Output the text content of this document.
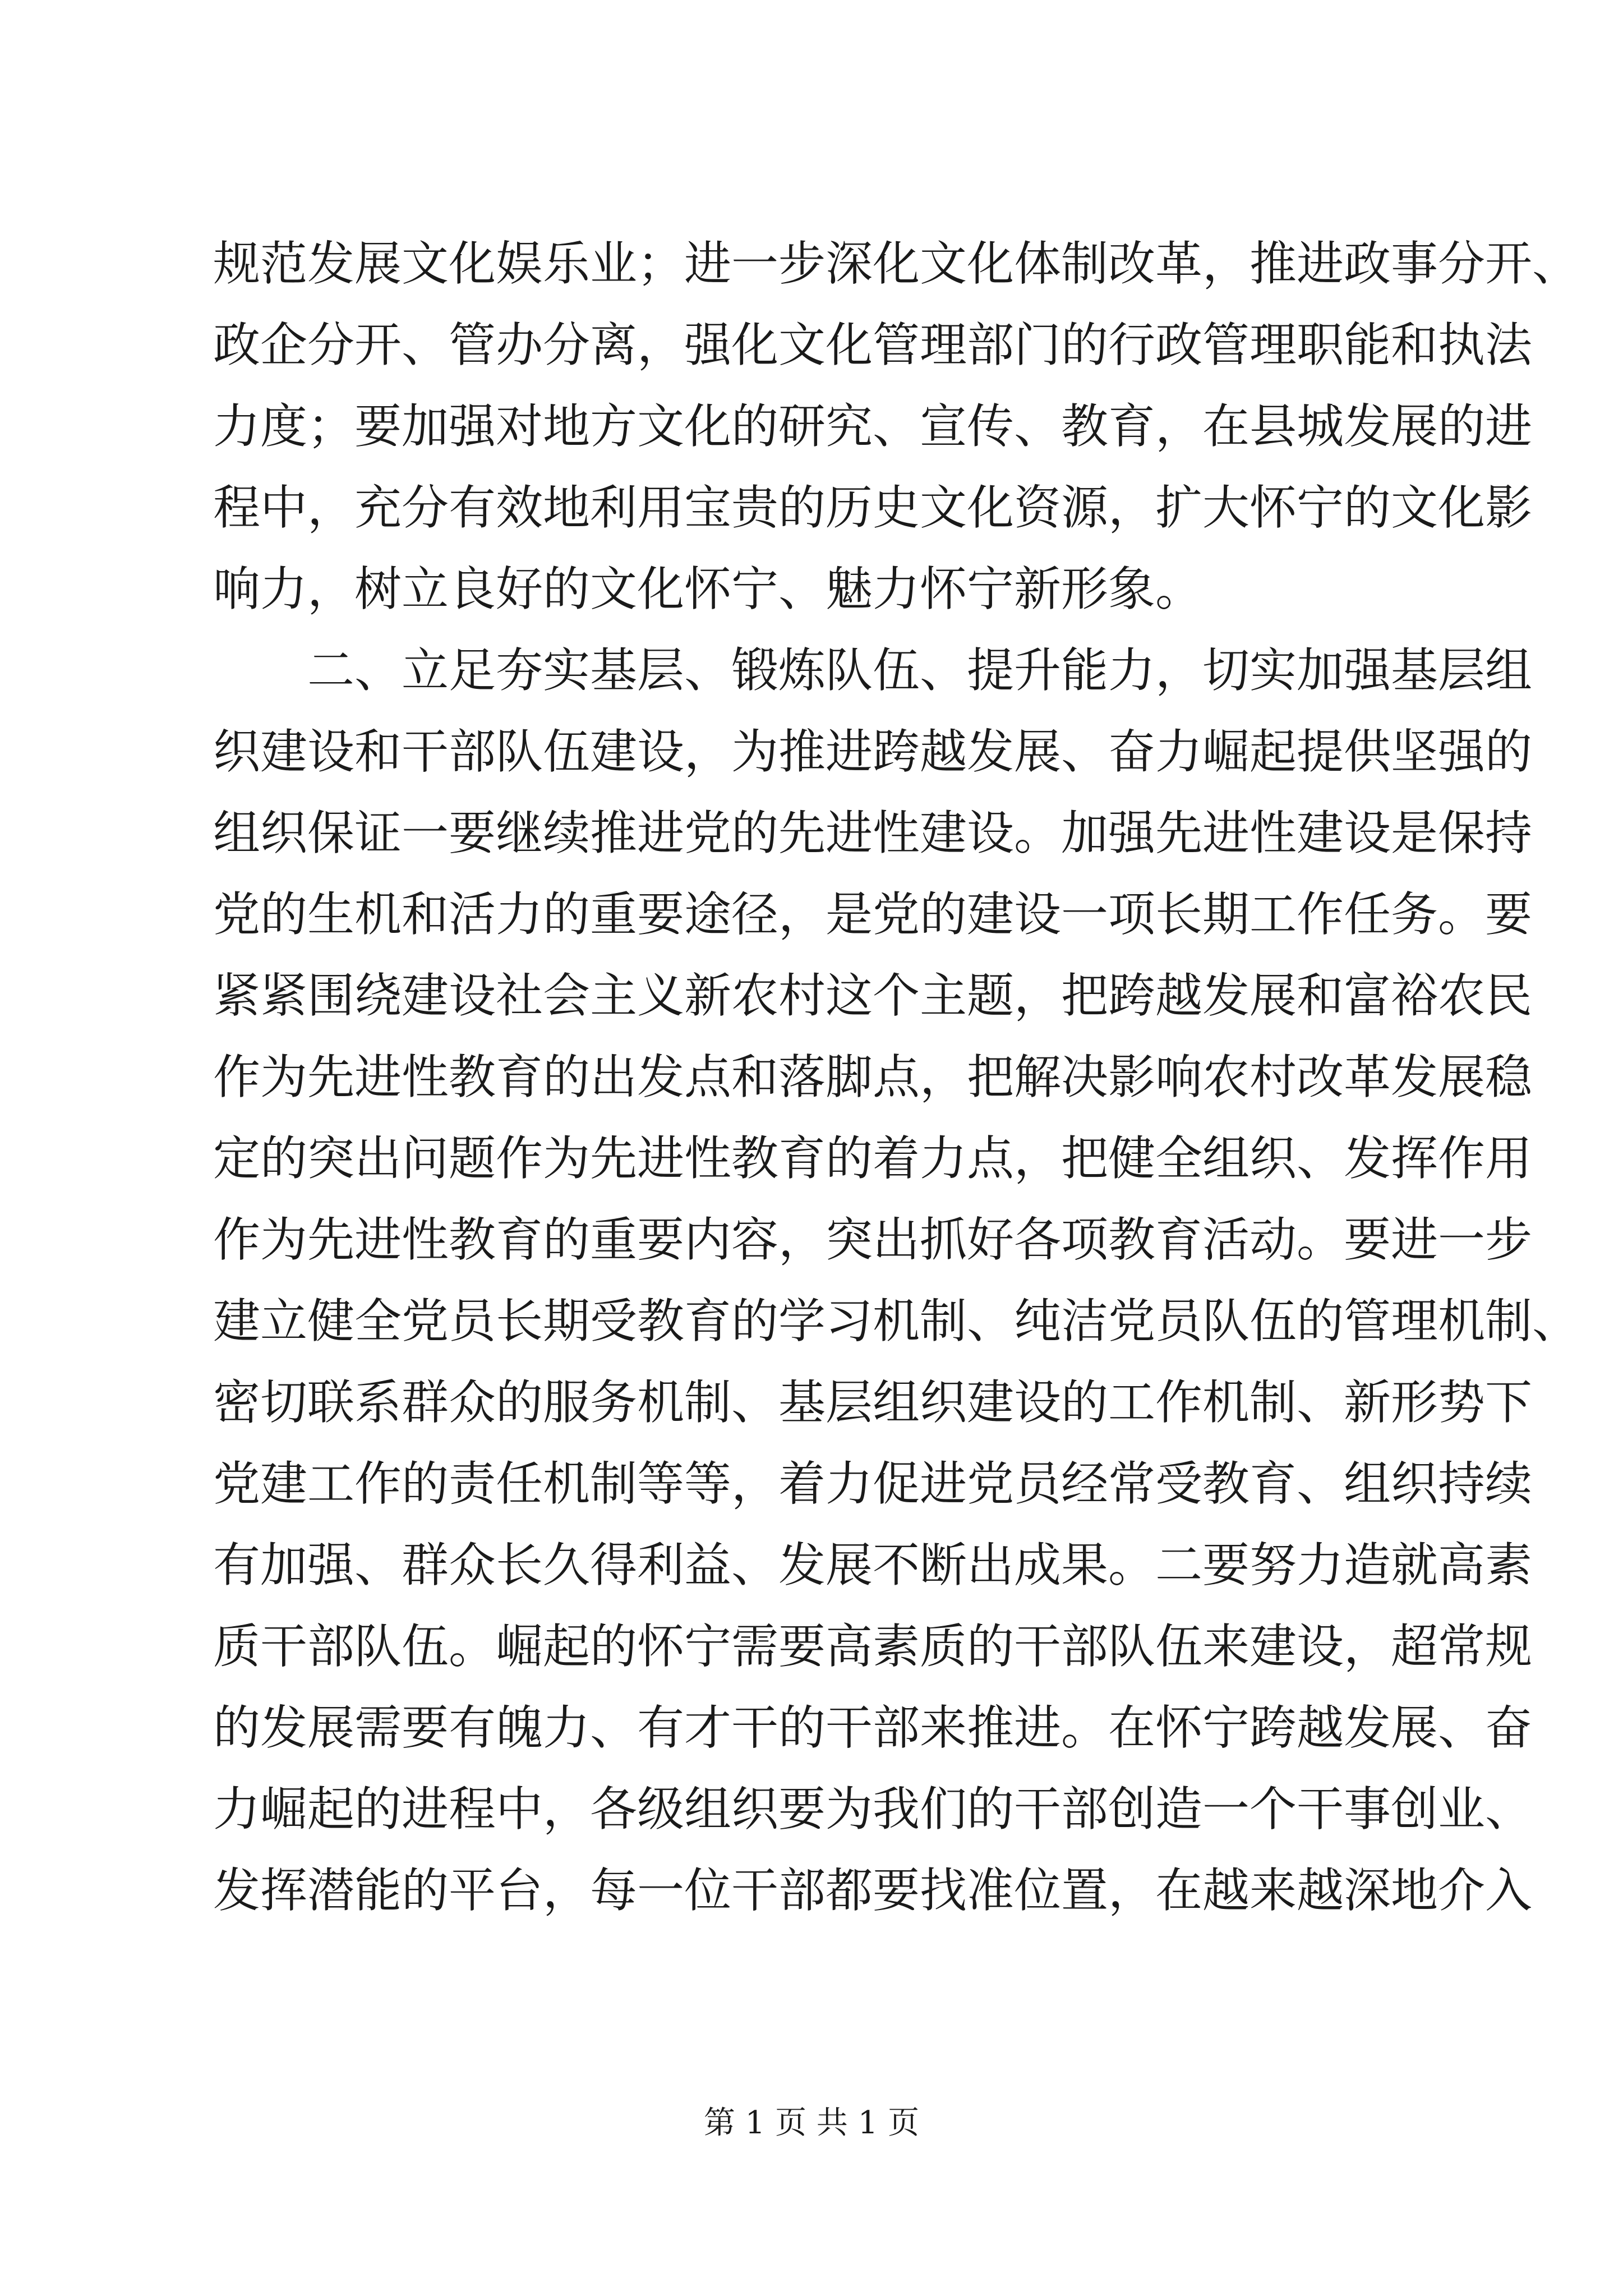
规范发展文化娱乐业；进一步深化文化体制改革，推进政事分开、
政企分开、管办分离，强化文化管理部门的行政管理职能和执法
力度；要加强对地方文化的研究、宣传、教育，在县城发展的进
程中，充分有效地利用宝贵的历史文化资源，扩大怀宁的文化影
响力，树立良好的文化怀宁、魅力怀宁新形象。
二、立足夯实基层、锻炼队伍、提升能力，切实加强基层组
织建设和干部队伍建设，为推进跨越发展、奋力崛起提供坚强的
组织保证一要继续推进党的先进性建设。加强先进性建设是保持
党的生机和活力的重要途径，是党的建设一项长期工作任务。要
紧紧围绕建设社会主义新农村这个主题，把跨越发展和富裕农民
作为先进性教育的出发点和落脚点，把解决影响农村改革发展稳
定的突出问题作为先进性教育的着力点，把健全组织、发挥作用
作为先进性教育的重要内容，突出抓好各项教育活动。要进一步
建立健全党员长期受教育的学习机制、纯洁党员队伍的管理机制、
密切联系群众的服务机制、基层组织建设的工作机制、新形势下
党建工作的责任机制等等，着力促进党员经常受教育、组织持续
有加强、群众长久得利益、发展不断出成果。二要努力造就高素
质干部队伍。崛起的怀宁需要高素质的干部队伍来建设，超常规
的发展需要有魄力、有才干的干部来推进。在怀宁跨越发展、奋
力崛起的进程中，各级组织要为我们的干部创造一个干事创业、
发挥潜能的平台，每一位干部都要找准位置，在越来越深地介入
第 1 页 共 1 页
